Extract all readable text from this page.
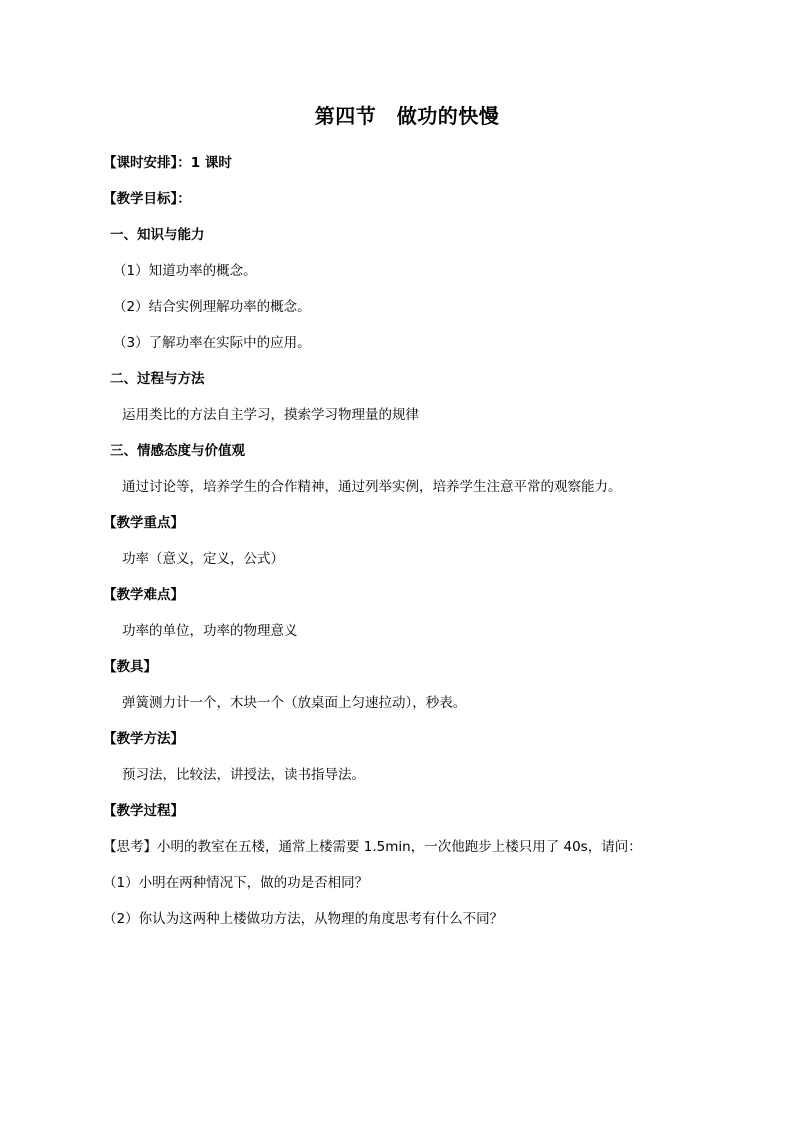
第四节　做功的快慢
【课时安排】：1 课时
【教学目标】：
一、知识与能力
（1）知道功率的概念。
（2）结合实例理解功率的概念。
（3）了解功率在实际中的应用。
二、过程与方法
运用类比的方法自主学习，摸索学习物理量的规律
三、情感态度与价值观
通过讨论等，培养学生的合作精神，通过列举实例，培养学生注意平常的观察能力。
【教学重点】
功率（意义，定义，公式）
【教学难点】
功率的单位，功率的物理意义
【教具】
弹簧测力计一个，木块一个（放桌面上匀速拉动），秒表。
【教学方法】
预习法，比较法，讲授法，读书指导法。
【教学过程】
【思考】小明的教室在五楼，通常上楼需要 1.5min，一次他跑步上楼只用了 40s，请问：
（1）小明在两种情况下，做的功是否相同？
（2）你认为这两种上楼做功方法，从物理的角度思考有什么不同？
